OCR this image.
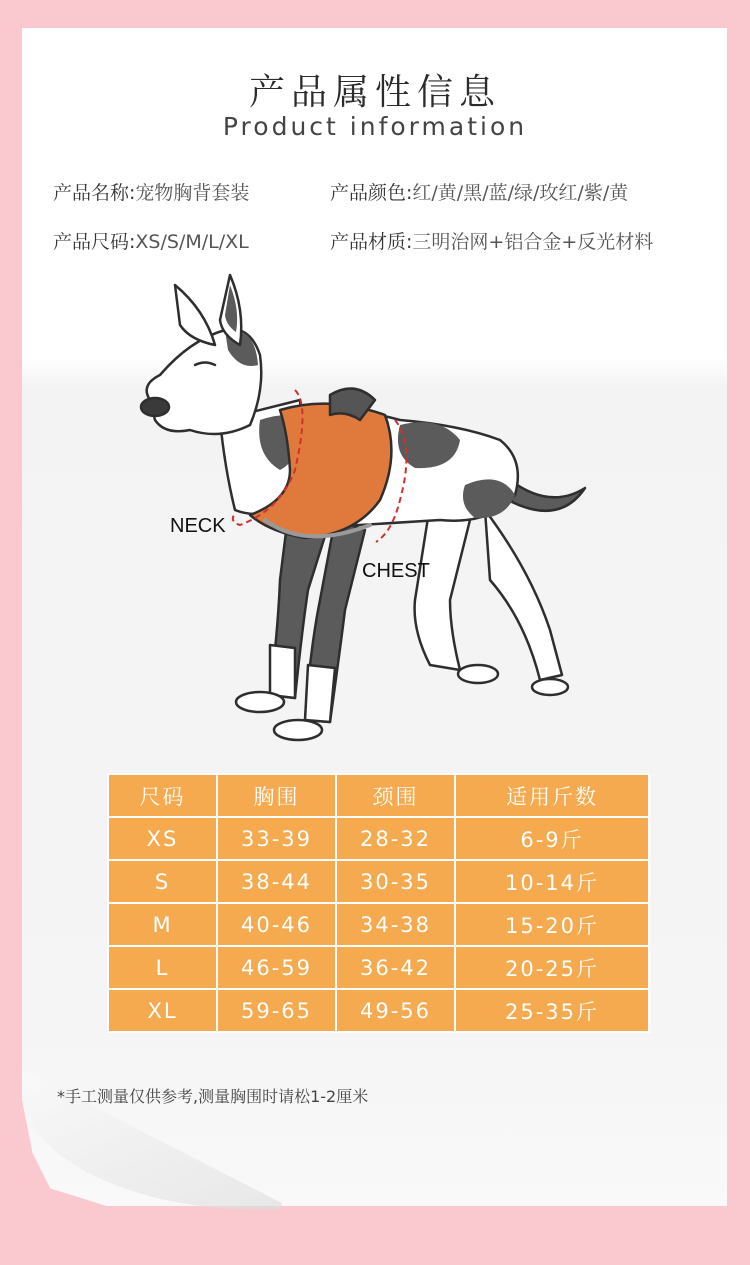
产品属性信息
Product information
产品名称:宠物胸背套装	产品颜色:红/黄/黑/蓝/绿/玫红/紫/黄
产品尺码:XS/S/M/L/XL	产品材质:三明治网+铝合金+反光材料
NECK
CHEST
尺码	胸围	颈围	适用斤数
XS	33-39	28-32	6-9斤
S	38-44	30-35	10-14斤
M	40-46	34-38	15-20斤
L	46-59	36-42	20-25斤
XL	59-65	49-56	25-35斤
*手工测量仅供参考,测量胸围时请松1-2厘米
